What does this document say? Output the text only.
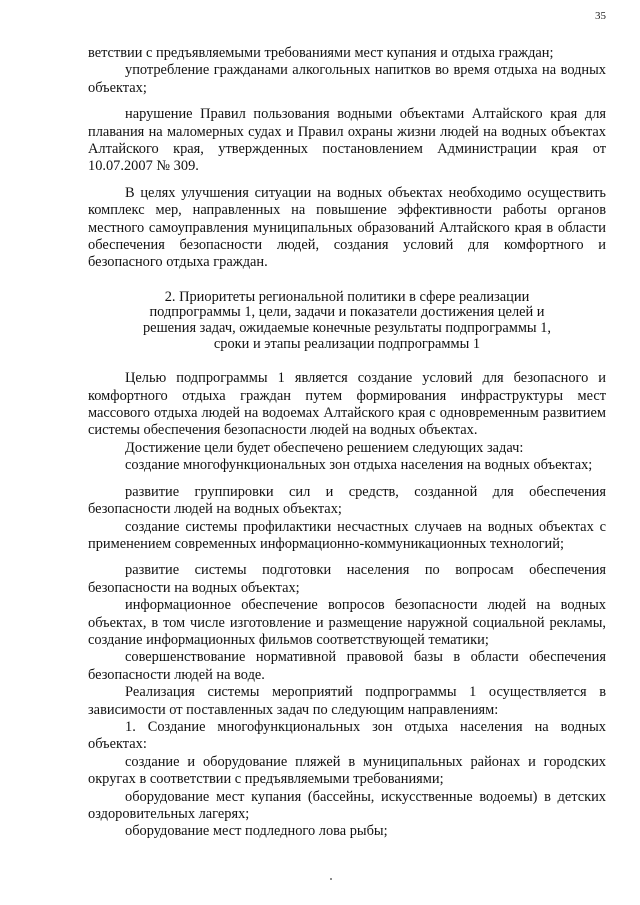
35

ветствии с предъявляемыми требованиями мест купания и отдыха граждан;

употребление гражданами алкогольных напитков во время отдыха на водных объектах;

нарушение Правил пользования водными объектами Алтайского края для плавания на маломерных судах и Правил охраны жизни людей на водных объектах Алтайского края, утвержденных постановлением Администрации края от 10.07.2007 № 309.

В целях улучшения ситуации на водных объектах необходимо осуществить комплекс мер, направленных на повышение эффективности работы органов местного самоуправления муниципальных образований Алтайского края в области обеспечения безопасности людей, создания условий для комфортного и безопасного отдыха граждан.

2. Приоритеты региональной политики в сфере реализации
подпрограммы 1, цели, задачи и показатели достижения целей и
решения задач, ожидаемые конечные результаты подпрограммы 1,
сроки и этапы реализации подпрограммы 1

Целью подпрограммы 1 является создание условий для безопасного и комфортного отдыха граждан путем формирования инфраструктуры мест массового отдыха людей на водоемах Алтайского края с одновременным развитием системы обеспечения безопасности людей на водных объектах.

Достижение цели будет обеспечено решением следующих задач:

создание многофункциональных зон отдыха населения на водных объектах;

развитие группировки сил и средств, созданной для обеспечения безопасности людей на водных объектах;

создание системы профилактики несчастных случаев на водных объектах с применением современных информационно-коммуникационных технологий;

развитие системы подготовки населения по вопросам обеспечения безопасности на водных объектах;

информационное обеспечение вопросов безопасности людей на водных объектах, в том числе изготовление и размещение наружной социальной рекламы, создание информационных фильмов соответствующей тематики;

совершенствование нормативной правовой базы в области обеспечения безопасности людей на воде.

Реализация системы мероприятий подпрограммы 1 осуществляется в зависимости от поставленных задач по следующим направлениям:

1. Создание многофункциональных зон отдыха населения на водных объектах:

создание и оборудование пляжей в муниципальных районах и городских округах в соответствии с предъявляемыми требованиями;

оборудование мест купания (бассейны, искусственные водоемы) в детских оздоровительных лагерях;

оборудование мест подледного лова рыбы;
